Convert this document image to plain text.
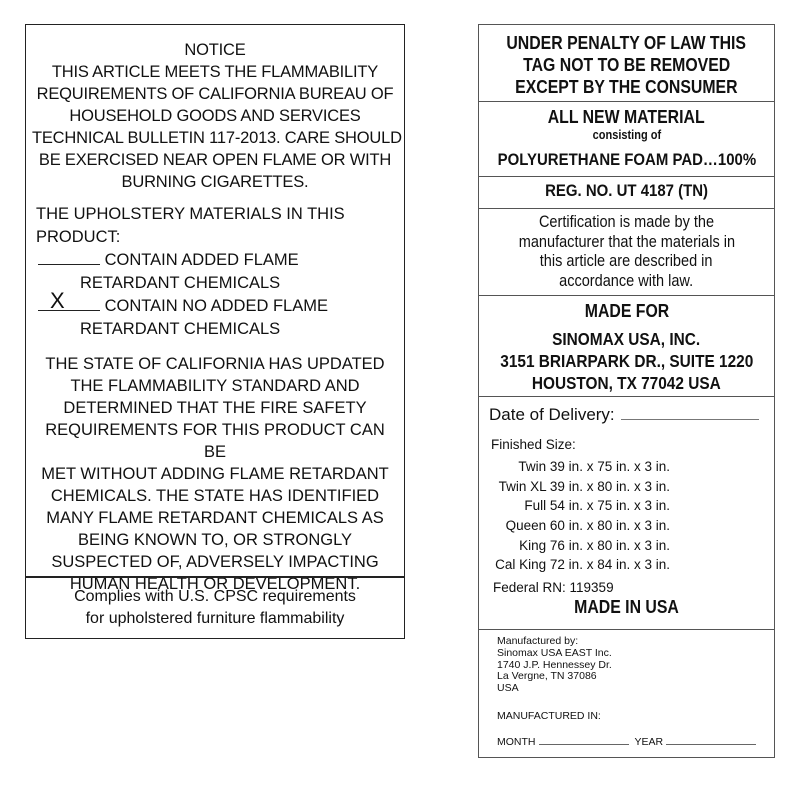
NOTICE
THIS ARTICLE MEETS THE FLAMMABILITY
REQUIREMENTS OF CALIFORNIA BUREAU OF
HOUSEHOLD GOODS AND SERVICES
TECHNICAL BULLETIN 117-2013. CARE SHOULD
BE EXERCISED NEAR OPEN FLAME OR WITH
BURNING CIGARETTES.
THE UPHOLSTERY MATERIALS IN THIS
PRODUCT:
CONTAIN ADDED FLAME
RETARDANT CHEMICALS
X CONTAIN NO ADDED FLAME
RETARDANT CHEMICALS
THE STATE OF CALIFORNIA HAS UPDATED
THE FLAMMABILITY STANDARD AND
DETERMINED THAT THE FIRE SAFETY
REQUIREMENTS FOR THIS PRODUCT CAN BE
MET WITHOUT ADDING FLAME RETARDANT
CHEMICALS. THE STATE HAS IDENTIFIED
MANY FLAME RETARDANT CHEMICALS AS
BEING KNOWN TO, OR STRONGLY
SUSPECTED OF, ADVERSELY IMPACTING
HUMAN HEALTH OR DEVELOPMENT.
Complies with U.S. CPSC requirements
for upholstered furniture flammability
UNDER PENALTY OF LAW THIS
TAG NOT TO BE REMOVED
EXCEPT BY THE CONSUMER
ALL NEW MATERIAL
consisting of
POLYURETHANE FOAM PAD…100%
REG. NO. UT 4187 (TN)
Certification is made by the
manufacturer that the materials in
this article are described in
accordance with law.
MADE FOR
SINOMAX USA, INC.
3151 BRIARPARK DR., SUITE 1220
HOUSTON, TX 77042 USA
Date of Delivery:
Finished Size:
Twin 39 in. x 75 in. x 3 in.
Twin XL 39 in. x 80 in. x 3 in.
Full 54 in. x 75 in. x 3 in.
Queen 60 in. x 80 in. x 3 in.
King 76 in. x 80 in. x 3 in.
Cal King 72 in. x 84 in. x 3 in.
Federal RN: 119359
MADE IN USA
Manufactured by:
Sinomax USA EAST Inc.
1740 J.P. Hennessey Dr.
La Vergne, TN 37086
USA
MANUFACTURED IN:
MONTH	YEAR
